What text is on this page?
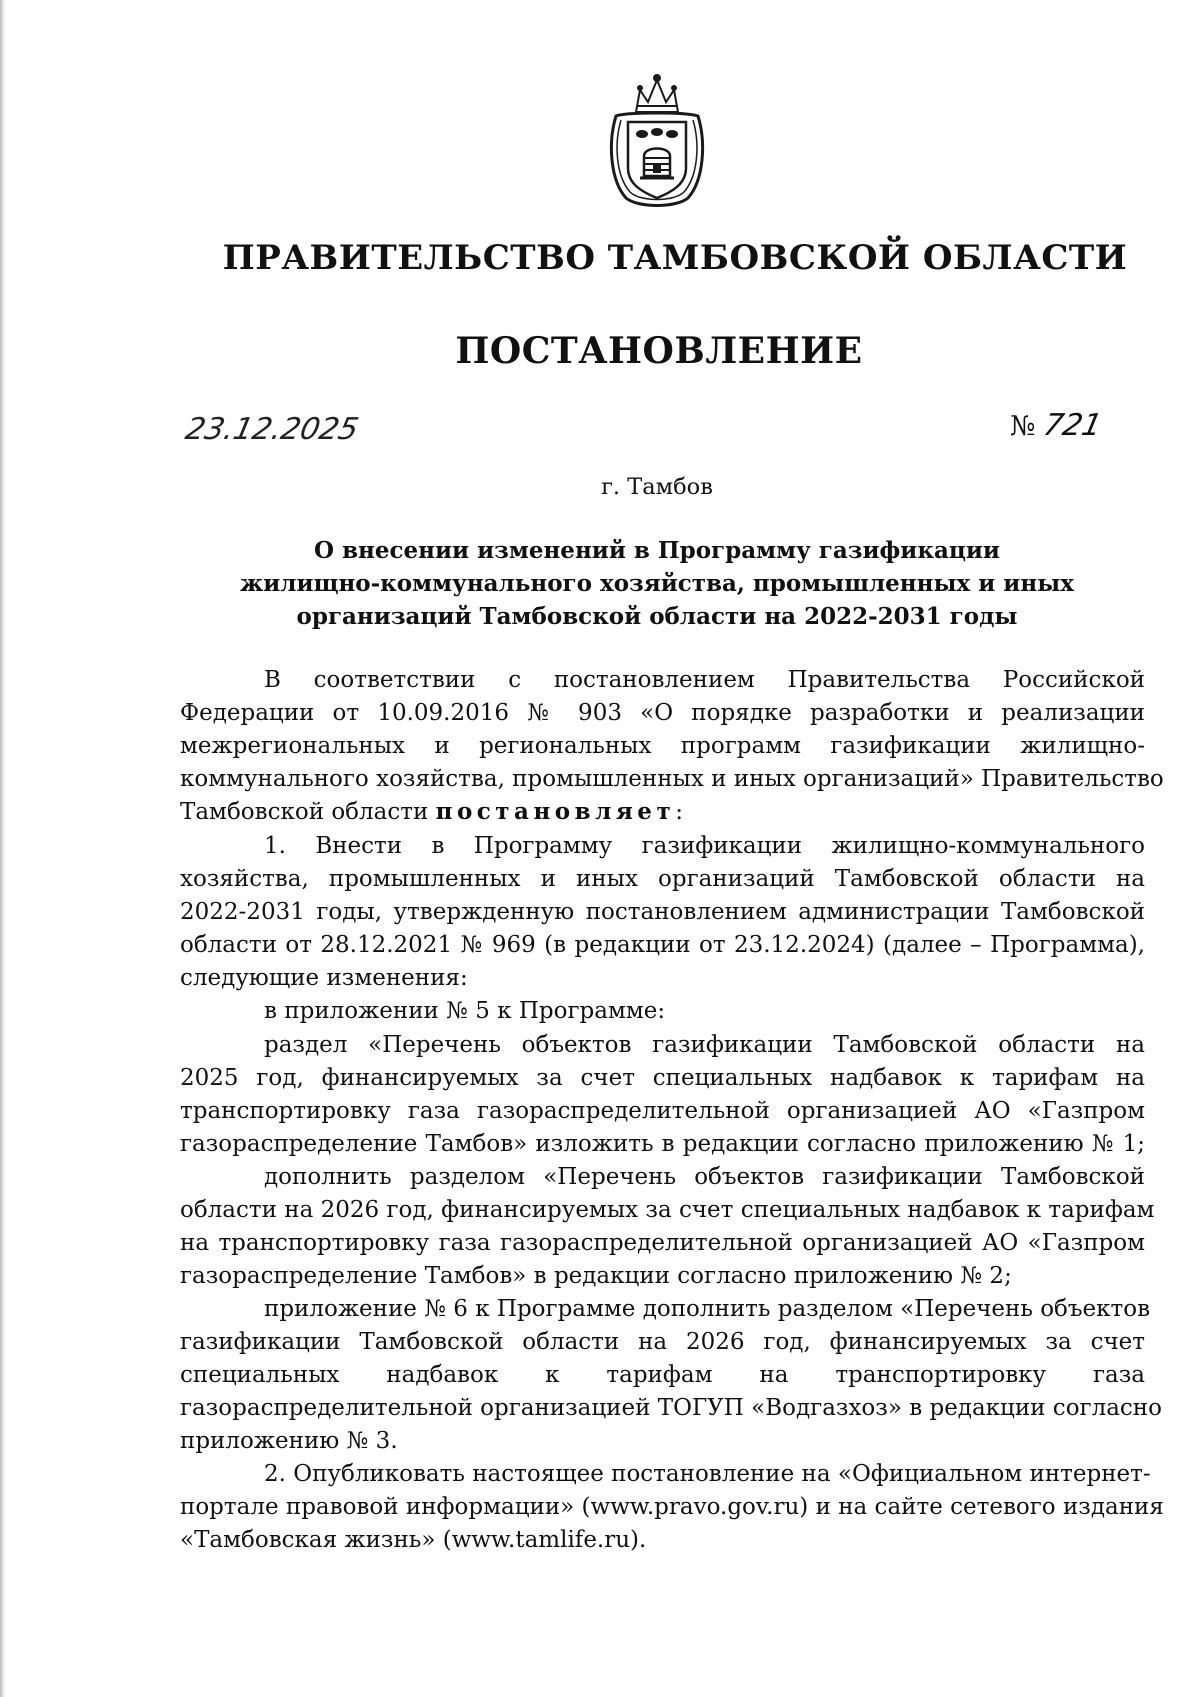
ПРАВИТЕЛЬСТВО ТАМБОВСКОЙ ОБЛАСТИ
ПОСТАНОВЛЕНИЕ
23.12.2025	№ 721
г. Тамбов
О внесении изменений в Программу газификации
жилищно-коммунального хозяйства, промышленных и иных
организаций Тамбовской области на 2022-2031 годы
В соответствии с постановлением Правительства Российской
Федерации от 10.09.2016 № 903 «О порядке разработки и реализации
межрегиональных и региональных программ газификации жилищно-
коммунального хозяйства, промышленных и иных организаций» Правительство
Тамбовской области постановляет:
1. Внести в Программу газификации жилищно-коммунального
хозяйства, промышленных и иных организаций Тамбовской области на
2022-2031 годы, утвержденную постановлением администрации Тамбовской
области от 28.12.2021 № 969 (в редакции от 23.12.2024) (далее – Программа),
следующие изменения:
в приложении № 5 к Программе:
раздел «Перечень объектов газификации Тамбовской области на
2025 год, финансируемых за счет специальных надбавок к тарифам на
транспортировку газа газораспределительной организацией АО «Газпром
газораспределение Тамбов» изложить в редакции согласно приложению № 1;
дополнить разделом «Перечень объектов газификации Тамбовской
области на 2026 год, финансируемых за счет специальных надбавок к тарифам
на транспортировку газа газораспределительной организацией АО «Газпром
газораспределение Тамбов» в редакции согласно приложению № 2;
приложение № 6 к Программе дополнить разделом «Перечень объектов
газификации Тамбовской области на 2026 год, финансируемых за счет
специальных надбавок к тарифам на транспортировку газа
газораспределительной организацией ТОГУП «Водгазхоз» в редакции согласно
приложению № 3.
2. Опубликовать настоящее постановление на «Официальном интернет-
портале правовой информации» (www.pravo.gov.ru) и на сайте сетевого издания
«Тамбовская жизнь» (www.tamlife.ru).
